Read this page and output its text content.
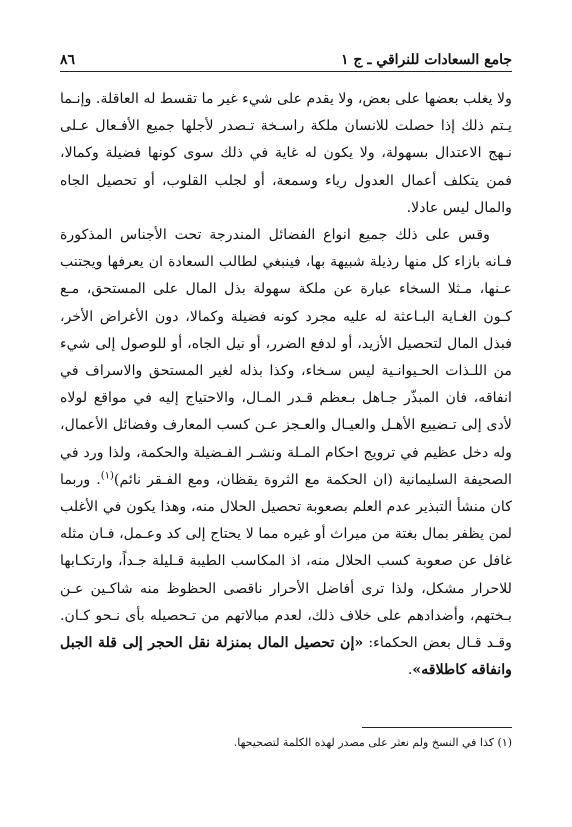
جامع السعادات للنراقي ـ ج ١
٨٦

ولا يغلب بعضها على بعض، ولا يقدم على شيء غير ما تقسط له العاقلة. وإنـما يـتم ذلك إذا حصلت للانسان ملكة راسـخة تـصدر لأجلها جميع الأفـعال عـلى نـهج الاعتدال بسهولة، ولا يكون له غاية في ذلك سوى كونها فضيلة وكمالا، فمن يتكلف أعمال العدول رياء وسمعة، أو لجلب القلوب، أو تحصيل الجاه والمال ليس عادلا.

وقس على ذلك جميع انواع الفضائل المندرجة تحت الأجناس المذكورة فـانه بازاء كل منها رذيلة شبيهة بها، فينبغي لطالب السعادة ان يعرفها ويجتنب عـنها، مـثلا السخاء عبارة عن ملكة سهولة بذل المال على المستحق، مـع كـون الغـاية البـاعثة له عليه مجرد كونه فضيلة وكمالا، دون الأغراض الأخر، فبذل المال لتحصيل الأزيد، أو لدفع الضرر، أو نيل الجاه، أو للوصول إلى شيء من اللـذات الحـيوانـية ليس سـخاء، وكذا بذله لغير المستحق والاسراف في انفاقه، فان المبذّر جـاهل بـعظم قـدر المـال، والاحتياج إليه في مواقع لولاه لأدى إلى تـضييع الأهـل والعيـال والعـجز عـن كسب المعارف وفضائل الأعمال، وله دخل عظيم في ترويج احكام المـلة ونشـر الفـضيلة والحكمة، ولذا ورد في الصحيفة السليمانية (ان الحكمة مع الثروة يقظان، ومع الفـقر نائم)$^{(١)}$. وربما كان منشأ التبذير عدم العلم بصعوبة تحصيل الحلال منه، وهذا يكون في الأغلب لمن يظفر بمال بغتة من ميراث أو غيره مما لا يحتاج إلى كد وعـمل، فـان مثله غافل عن صعوبة كسب الحلال منه، اذ المكاسب الطيبة قـليلة جـداً، وارتكـابها للاحرار مشكل، ولذا ترى أفاضل الأحرار ناقصى الحظوظ منه شاكـين عـن بـختهم، وأضدادهم على خلاف ذلك، لعدم مبالاتهم من تـحصيله بأى نـحو كـان. وقـد قـال بعض الحكماء: «إن تحصيل المال بمنزلة نقل الحجر إلى قلة الجبل وانفاقه كاطلاقه».

(١) كذا في النسخ ولم نعثر على مصدر لهذه الكلمة لتصحيحها.
